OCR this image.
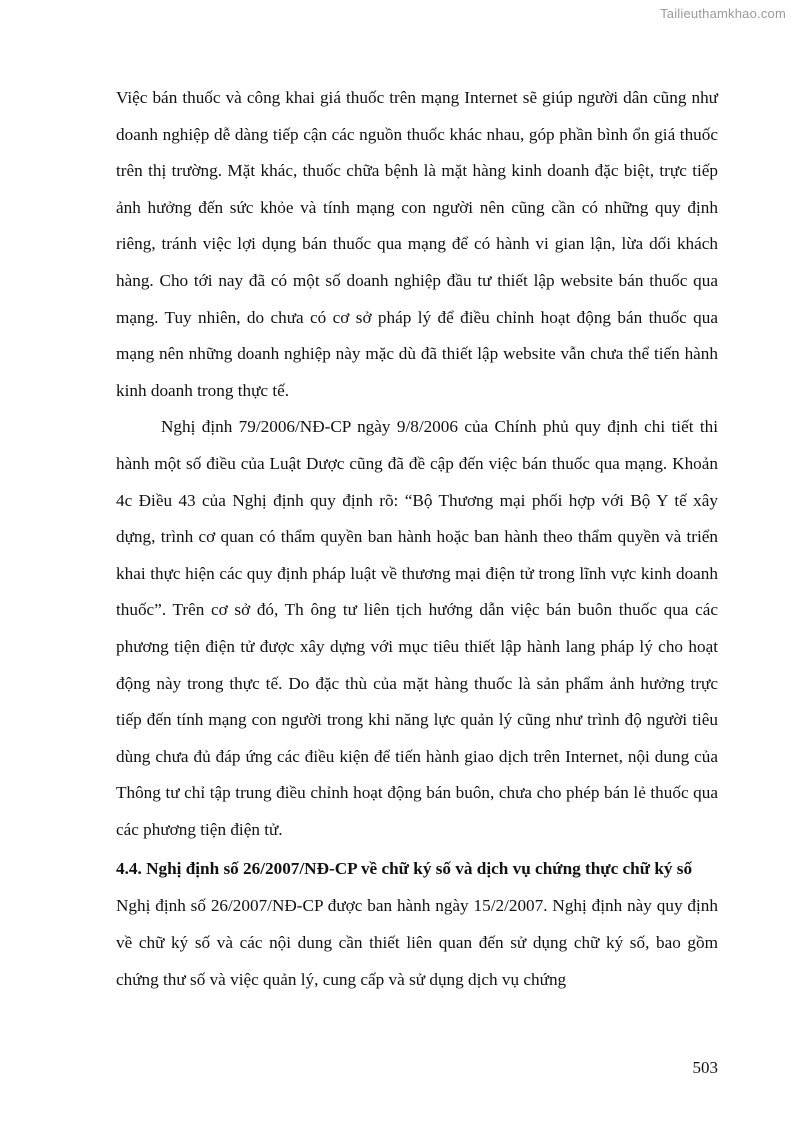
Tailieuthamkhao.com

Việc bán thuốc và công khai giá thuốc trên mạng Internet sẽ giúp người dân cũng như doanh nghiệp dễ dàng tiếp cận các nguồn thuốc khác nhau, góp phần bình ổn giá thuốc trên thị trường. Mặt khác, thuốc chữa bệnh là mặt hàng kinh doanh đặc biệt, trực tiếp ảnh hưởng đến sức khỏe và tính mạng con người nên cũng cần có những quy định riêng, tránh việc lợi dụng bán thuốc qua mạng để có hành vi gian lận, lừa dối khách hàng. Cho tới nay đã có một số doanh nghiệp đầu tư thiết lập website bán thuốc qua mạng. Tuy nhiên, do chưa có cơ sở pháp lý để điều chỉnh hoạt động bán thuốc qua mạng nên những doanh nghiệp này mặc dù đã thiết lập website vẫn chưa thể tiến hành kinh doanh trong thực tế.

Nghị định 79/2006/NĐ-CP ngày 9/8/2006 của Chính phủ quy định chi tiết thi hành một số điều của Luật Dược cũng đã đề cập đến việc bán thuốc qua mạng. Khoản 4c Điều 43 của Nghị định quy định rõ: “Bộ Thương mại phối hợp với Bộ Y tế xây dựng, trình cơ quan có thẩm quyền ban hành hoặc ban hành theo thẩm quyền và triển khai thực hiện các quy định pháp luật về thương mại điện tử trong lĩnh vực kinh doanh thuốc”. Trên cơ sở đó, Th ông tư liên tịch hướng dẫn việc bán buôn thuốc qua các phương tiện điện tử được xây dựng với mục tiêu thiết lập hành lang pháp lý cho hoạt động này trong thực tế. Do đặc thù của mặt hàng thuốc là sản phẩm ảnh hưởng trực tiếp đến tính mạng con người trong khi năng lực quản lý cũng như trình độ người tiêu dùng chưa đủ đáp ứng các điều kiện để tiến hành giao dịch trên Internet, nội dung của Thông tư chỉ tập trung điều chỉnh hoạt động bán buôn, chưa cho phép bán lẻ thuốc qua các phương tiện điện tử.

4.4. Nghị định số 26/2007/NĐ-CP về chữ ký số và dịch vụ chứng thực chữ ký số

Nghị định số 26/2007/NĐ-CP được ban hành ngày 15/2/2007. Nghị định này quy định về chữ ký số và các nội dung cần thiết liên quan đến sử dụng chữ ký số, bao gồm chứng thư số và việc quản lý, cung cấp và sử dụng dịch vụ chứng

503
